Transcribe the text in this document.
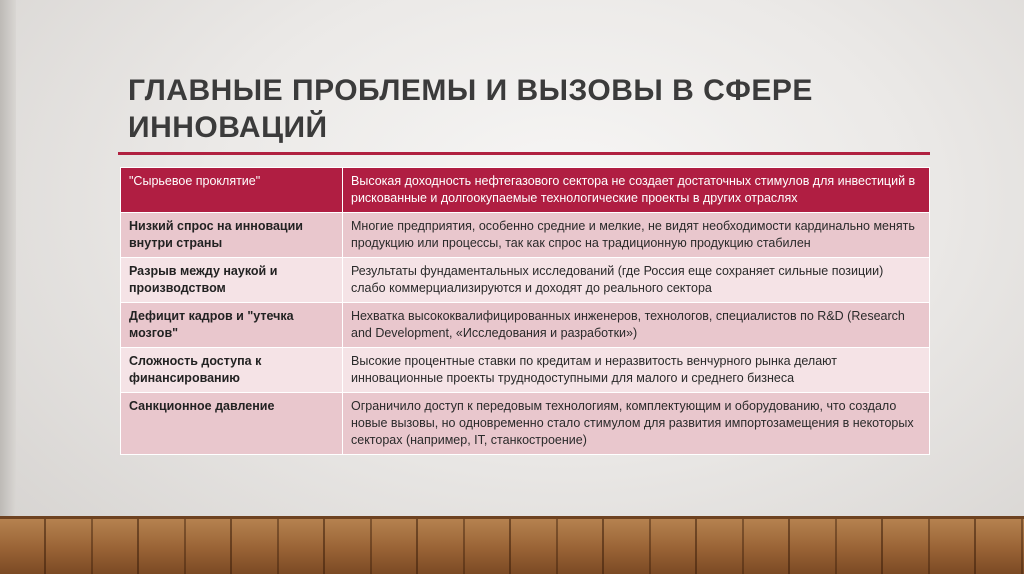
ГЛАВНЫЕ ПРОБЛЕМЫ И ВЫЗОВЫ В СФЕРЕ ИННОВАЦИЙ
"Сырьевое проклятие"	Высокая доходность нефтегазового сектора не создает достаточных стимулов для инвестиций в рискованные и долгоокупаемые технологические проекты в других отраслях
Низкий спрос на инновации внутри страны	Многие предприятия, особенно средние и мелкие, не видят необходимости кардинально менять продукцию или процессы, так как спрос на традиционную продукцию стабилен
Разрыв между наукой и производством	Результаты фундаментальных исследований (где Россия еще сохраняет сильные позиции) слабо коммерциализируются и доходят до реального сектора
Дефицит кадров и "утечка мозгов"	Нехватка высококвалифицированных инженеров, технологов, специалистов по R&D (Research and Development, «Исследования и разработки»)
Сложность доступа к финансированию	Высокие процентные ставки по кредитам и неразвитость венчурного рынка делают инновационные проекты труднодоступными для малого и среднего бизнеса
Санкционное давление	Ограничило доступ к передовым технологиям, комплектующим и оборудованию, что создало новые вызовы, но одновременно стало стимулом для развития импортозамещения в некоторых секторах (например, IT, станкостроение)
